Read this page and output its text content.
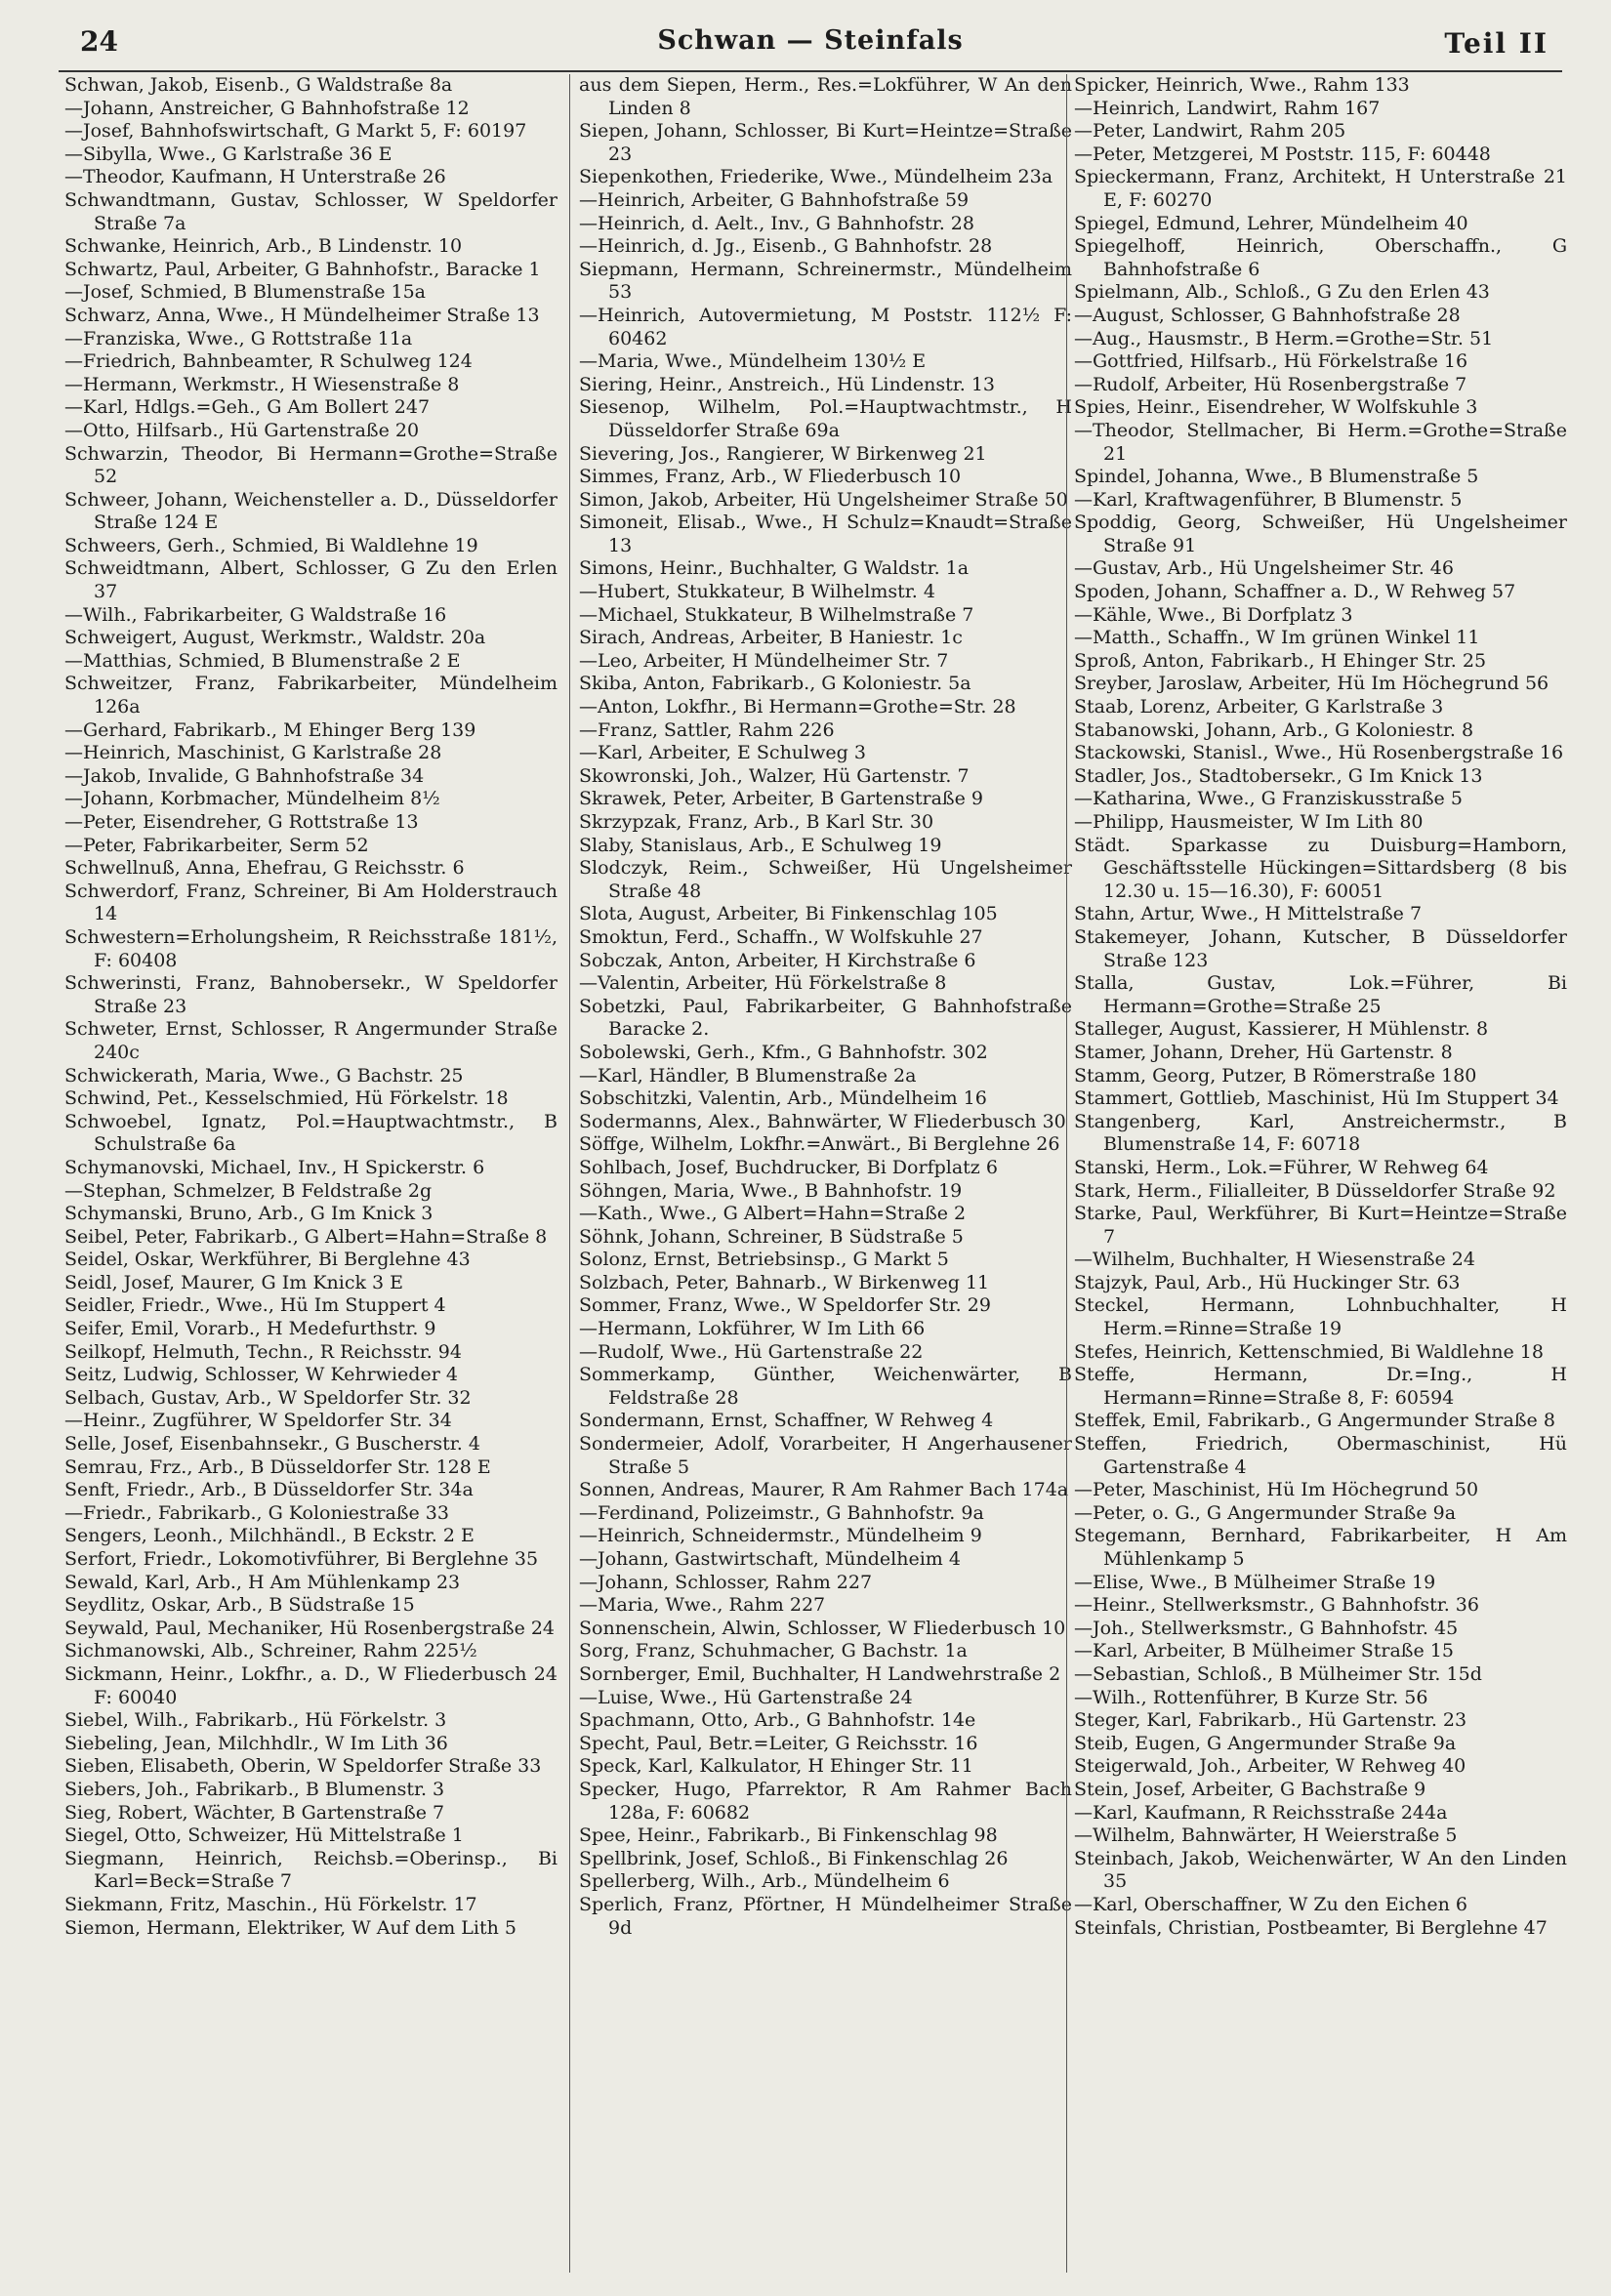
24	Schwan — Steinfals	Teil II
Schwan, Jakob, Eisenb., G Waldstraße 8a
—Johann, Anstreicher, G Bahnhofstraße 12
—Josef, Bahnhofswirtschaft, G Markt 5, F: 60197
—Sibylla, Wwe., G Karlstraße 36 E
—Theodor, Kaufmann, H Unterstraße 26
Schwandtmann, Gustav, Schlosser, W Speldorfer Straße 7a
Schwanke, Heinrich, Arb., B Lindenstr. 10
Schwartz, Paul, Arbeiter, G Bahnhofstr., Baracke 1
—Josef, Schmied, B Blumenstraße 15a
Schwarz, Anna, Wwe., H Mündelheimer Straße 13
—Franziska, Wwe., G Rottstraße 11a
—Friedrich, Bahnbeamter, R Schulweg 124
—Hermann, Werkmstr., H Wiesenstraße 8
—Karl, Hdlgs.=Geh., G Am Bollert 247
—Otto, Hilfsarb., Hü Gartenstraße 20
Schwarzin, Theodor, Bi Hermann=Grothe=Straße 52
Schweer, Johann, Weichensteller a. D., Düsseldorfer Straße 124 E
Schweers, Gerh., Schmied, Bi Waldlehne 19
Schweidtmann, Albert, Schlosser, G Zu den Erlen 37
—Wilh., Fabrikarbeiter, G Waldstraße 16
Schweigert, August, Werkmstr., Waldstr. 20a
—Matthias, Schmied, B Blumenstraße 2 E
Schweitzer, Franz, Fabrikarbeiter, Mündelheim 126a
—Gerhard, Fabrikarb., M Ehinger Berg 139
—Heinrich, Maschinist, G Karlstraße 28
—Jakob, Invalide, G Bahnhofstraße 34
—Johann, Korbmacher, Mündelheim 8½
—Peter, Eisendreher, G Rottstraße 13
—Peter, Fabrikarbeiter, Serm 52
Schwellnuß, Anna, Ehefrau, G Reichsstr. 6
Schwerdorf, Franz, Schreiner, Bi Am Holderstrauch 14
Schwestern=Erholungsheim, R Reichsstraße 181½, F: 60408
Schwerinsti, Franz, Bahnobersekr., W Speldorfer Straße 23
Schweter, Ernst, Schlosser, R Angermunder Straße 240c
Schwickerath, Maria, Wwe., G Bachstr. 25
Schwind, Pet., Kesselschmied, Hü Förkelstr. 18
Schwoebel, Ignatz, Pol.=Hauptwachtmstr., B Schulstraße 6a
Schymanovski, Michael, Inv., H Spickerstr. 6
—Stephan, Schmelzer, B Feldstraße 2g
Schymanski, Bruno, Arb., G Im Knick 3
Seibel, Peter, Fabrikarb., G Albert=Hahn=Straße 8
Seidel, Oskar, Werkführer, Bi Berglehne 43
Seidl, Josef, Maurer, G Im Knick 3 E
Seidler, Friedr., Wwe., Hü Im Stuppert 4
Seifer, Emil, Vorarb., H Medefurthstr. 9
Seilkopf, Helmuth, Techn., R Reichsstr. 94
Seitz, Ludwig, Schlosser, W Kehrwieder 4
Selbach, Gustav, Arb., W Speldorfer Str. 32
—Heinr., Zugführer, W Speldorfer Str. 34
Selle, Josef, Eisenbahnsekr., G Buscherstr. 4
Semrau, Frz., Arb., B Düsseldorfer Str. 128 E
Senft, Friedr., Arb., B Düsseldorfer Str. 34a
—Friedr., Fabrikarb., G Koloniestraße 33
Sengers, Leonh., Milchhändl., B Eckstr. 2 E
Serfort, Friedr., Lokomotivführer, Bi Berglehne 35
Sewald, Karl, Arb., H Am Mühlenkamp 23
Seydlitz, Oskar, Arb., B Südstraße 15
Seywald, Paul, Mechaniker, Hü Rosenbergstraße 24
Sichmanowski, Alb., Schreiner, Rahm 225½
Sickmann, Heinr., Lokfhr., a. D., W Fliederbusch 24 F: 60040
Siebel, Wilh., Fabrikarb., Hü Förkelstr. 3
Siebeling, Jean, Milchhdlr., W Im Lith 36
Sieben, Elisabeth, Oberin, W Speldorfer Straße 33
Siebers, Joh., Fabrikarb., B Blumenstr. 3
Sieg, Robert, Wächter, B Gartenstraße 7
Siegel, Otto, Schweizer, Hü Mittelstraße 1
Siegmann, Heinrich, Reichsb.=Oberinsp., Bi Karl=Beck=Straße 7
Siekmann, Fritz, Maschin., Hü Förkelstr. 17
Siemon, Hermann, Elektriker, W Auf dem Lith 5
aus dem Siepen, Herm., Res.=Lokführer, W An den Linden 8
Siepen, Johann, Schlosser, Bi Kurt=Heintze=Straße 23
Siepenkothen, Friederike, Wwe., Mündelheim 23a
—Heinrich, Arbeiter, G Bahnhofstraße 59
—Heinrich, d. Aelt., Inv., G Bahnhofstr. 28
—Heinrich, d. Jg., Eisenb., G Bahnhofstr. 28
Siepmann, Hermann, Schreinermstr., Mündelheim 53
—Heinrich, Autovermietung, M Poststr. 112½ F: 60462
—Maria, Wwe., Mündelheim 130½ E
Siering, Heinr., Anstreich., Hü Lindenstr. 13
Siesenop, Wilhelm, Pol.=Hauptwachtmstr., H Düsseldorfer Straße 69a
Sievering, Jos., Rangierer, W Birkenweg 21
Simmes, Franz, Arb., W Fliederbusch 10
Simon, Jakob, Arbeiter, Hü Ungelsheimer Straße 50
Simoneit, Elisab., Wwe., H Schulz=Knaudt=Straße 13
Simons, Heinr., Buchhalter, G Waldstr. 1a
—Hubert, Stukkateur, B Wilhelmstr. 4
—Michael, Stukkateur, B Wilhelmstraße 7
Sirach, Andreas, Arbeiter, B Haniestr. 1c
—Leo, Arbeiter, H Mündelheimer Str. 7
Skiba, Anton, Fabrikarb., G Koloniestr. 5a
—Anton, Lokfhr., Bi Hermann=Grothe=Str. 28
—Franz, Sattler, Rahm 226
—Karl, Arbeiter, E Schulweg 3
Skowronski, Joh., Walzer, Hü Gartenstr. 7
Skrawek, Peter, Arbeiter, B Gartenstraße 9
Skrzypzak, Franz, Arb., B Karl Str. 30
Slaby, Stanislaus, Arb., E Schulweg 19
Slodczyk, Reim., Schweißer, Hü Ungelsheimer Straße 48
Slota, August, Arbeiter, Bi Finkenschlag 105
Smoktun, Ferd., Schaffn., W Wolfskuhle 27
Sobczak, Anton, Arbeiter, H Kirchstraße 6
—Valentin, Arbeiter, Hü Förkelstraße 8
Sobetzki, Paul, Fabrikarbeiter, G Bahnhofstraße Baracke 2.
Sobolewski, Gerh., Kfm., G Bahnhofstr. 302
—Karl, Händler, B Blumenstraße 2a
Sobschitzki, Valentin, Arb., Mündelheim 16
Sodermanns, Alex., Bahnwärter, W Fliederbusch 30
Söffge, Wilhelm, Lokfhr.=Anwärt., Bi Berglehne 26
Sohlbach, Josef, Buchdrucker, Bi Dorfplatz 6
Söhngen, Maria, Wwe., B Bahnhofstr. 19
—Kath., Wwe., G Albert=Hahn=Straße 2
Söhnk, Johann, Schreiner, B Südstraße 5
Solonz, Ernst, Betriebsinsp., G Markt 5
Solzbach, Peter, Bahnarb., W Birkenweg 11
Sommer, Franz, Wwe., W Speldorfer Str. 29
—Hermann, Lokführer, W Im Lith 66
—Rudolf, Wwe., Hü Gartenstraße 22
Sommerkamp, Günther, Weichenwärter, B Feldstraße 28
Sondermann, Ernst, Schaffner, W Rehweg 4
Sondermeier, Adolf, Vorarbeiter, H Angerhausener Straße 5
Sonnen, Andreas, Maurer, R Am Rahmer Bach 174a
—Ferdinand, Polizeimstr., G Bahnhofstr. 9a
—Heinrich, Schneidermstr., Mündelheim 9
—Johann, Gastwirtschaft, Mündelheim 4
—Johann, Schlosser, Rahm 227
—Maria, Wwe., Rahm 227
Sonnenschein, Alwin, Schlosser, W Fliederbusch 10
Sorg, Franz, Schuhmacher, G Bachstr. 1a
Sornberger, Emil, Buchhalter, H Landwehrstraße 2
—Luise, Wwe., Hü Gartenstraße 24
Spachmann, Otto, Arb., G Bahnhofstr. 14e
Specht, Paul, Betr.=Leiter, G Reichsstr. 16
Speck, Karl, Kalkulator, H Ehinger Str. 11
Specker, Hugo, Pfarrektor, R Am Rahmer Bach 128a, F: 60682
Spee, Heinr., Fabrikarb., Bi Finkenschlag 98
Spellbrink, Josef, Schloß., Bi Finkenschlag 26
Spellerberg, Wilh., Arb., Mündelheim 6
Sperlich, Franz, Pförtner, H Mündelheimer Straße 9d
Spicker, Heinrich, Wwe., Rahm 133
—Heinrich, Landwirt, Rahm 167
—Peter, Landwirt, Rahm 205
—Peter, Metzgerei, M Poststr. 115, F: 60448
Spieckermann, Franz, Architekt, H Unterstraße 21 E, F: 60270
Spiegel, Edmund, Lehrer, Mündelheim 40
Spiegelhoff, Heinrich, Oberschaffn., G Bahnhofstraße 6
Spielmann, Alb., Schloß., G Zu den Erlen 43
—August, Schlosser, G Bahnhofstraße 28
—Aug., Hausmstr., B Herm.=Grothe=Str. 51
—Gottfried, Hilfsarb., Hü Förkelstraße 16
—Rudolf, Arbeiter, Hü Rosenbergstraße 7
Spies, Heinr., Eisendreher, W Wolfskuhle 3
—Theodor, Stellmacher, Bi Herm.=Grothe=Straße 21
Spindel, Johanna, Wwe., B Blumenstraße 5
—Karl, Kraftwagenführer, B Blumenstr. 5
Spoddig, Georg, Schweißer, Hü Ungelsheimer Straße 91
—Gustav, Arb., Hü Ungelsheimer Str. 46
Spoden, Johann, Schaffner a. D., W Rehweg 57
—Kähle, Wwe., Bi Dorfplatz 3
—Matth., Schaffn., W Im grünen Winkel 11
Sproß, Anton, Fabrikarb., H Ehinger Str. 25
Sreyber, Jaroslaw, Arbeiter, Hü Im Höchegrund 56
Staab, Lorenz, Arbeiter, G Karlstraße 3
Stabanowski, Johann, Arb., G Koloniestr. 8
Stackowski, Stanisl., Wwe., Hü Rosenbergstraße 16
Stadler, Jos., Stadtobersekr., G Im Knick 13
—Katharina, Wwe., G Franziskusstraße 5
—Philipp, Hausmeister, W Im Lith 80
Städt. Sparkasse zu Duisburg=Hamborn, Geschäftsstelle Hückingen=Sittardsberg (8 bis 12.30 u. 15—16.30), F: 60051
Stahn, Artur, Wwe., H Mittelstraße 7
Stakemeyer, Johann, Kutscher, B Düsseldorfer Straße 123
Stalla, Gustav, Lok.=Führer, Bi Hermann=Grothe=Straße 25
Stalleger, August, Kassierer, H Mühlenstr. 8
Stamer, Johann, Dreher, Hü Gartenstr. 8
Stamm, Georg, Putzer, B Römerstraße 180
Stammert, Gottlieb, Maschinist, Hü Im Stuppert 34
Stangenberg, Karl, Anstreichermstr., B Blumenstraße 14, F: 60718
Stanski, Herm., Lok.=Führer, W Rehweg 64
Stark, Herm., Filialleiter, B Düsseldorfer Straße 92
Starke, Paul, Werkführer, Bi Kurt=Heintze=Straße 7
—Wilhelm, Buchhalter, H Wiesenstraße 24
Stajzyk, Paul, Arb., Hü Huckinger Str. 63
Steckel, Hermann, Lohnbuchhalter, H Herm.=Rinne=Straße 19
Stefes, Heinrich, Kettenschmied, Bi Waldlehne 18
Steffe, Hermann, Dr.=Ing., H Hermann=Rinne=Straße 8, F: 60594
Steffek, Emil, Fabrikarb., G Angermunder Straße 8
Steffen, Friedrich, Obermaschinist, Hü Gartenstraße 4
—Peter, Maschinist, Hü Im Höchegrund 50
—Peter, o. G., G Angermunder Straße 9a
Stegemann, Bernhard, Fabrikarbeiter, H Am Mühlenkamp 5
—Elise, Wwe., B Mülheimer Straße 19
—Heinr., Stellwerksmstr., G Bahnhofstr. 36
—Joh., Stellwerksmstr., G Bahnhofstr. 45
—Karl, Arbeiter, B Mülheimer Straße 15
—Sebastian, Schloß., B Mülheimer Str. 15d
—Wilh., Rottenführer, B Kurze Str. 56
Steger, Karl, Fabrikarb., Hü Gartenstr. 23
Steib, Eugen, G Angermunder Straße 9a
Steigerwald, Joh., Arbeiter, W Rehweg 40
Stein, Josef, Arbeiter, G Bachstraße 9
—Karl, Kaufmann, R Reichsstraße 244a
—Wilhelm, Bahnwärter, H Weierstraße 5
Steinbach, Jakob, Weichenwärter, W An den Linden 35
—Karl, Oberschaffner, W Zu den Eichen 6
Steinfals, Christian, Postbeamter, Bi Berglehne 47
